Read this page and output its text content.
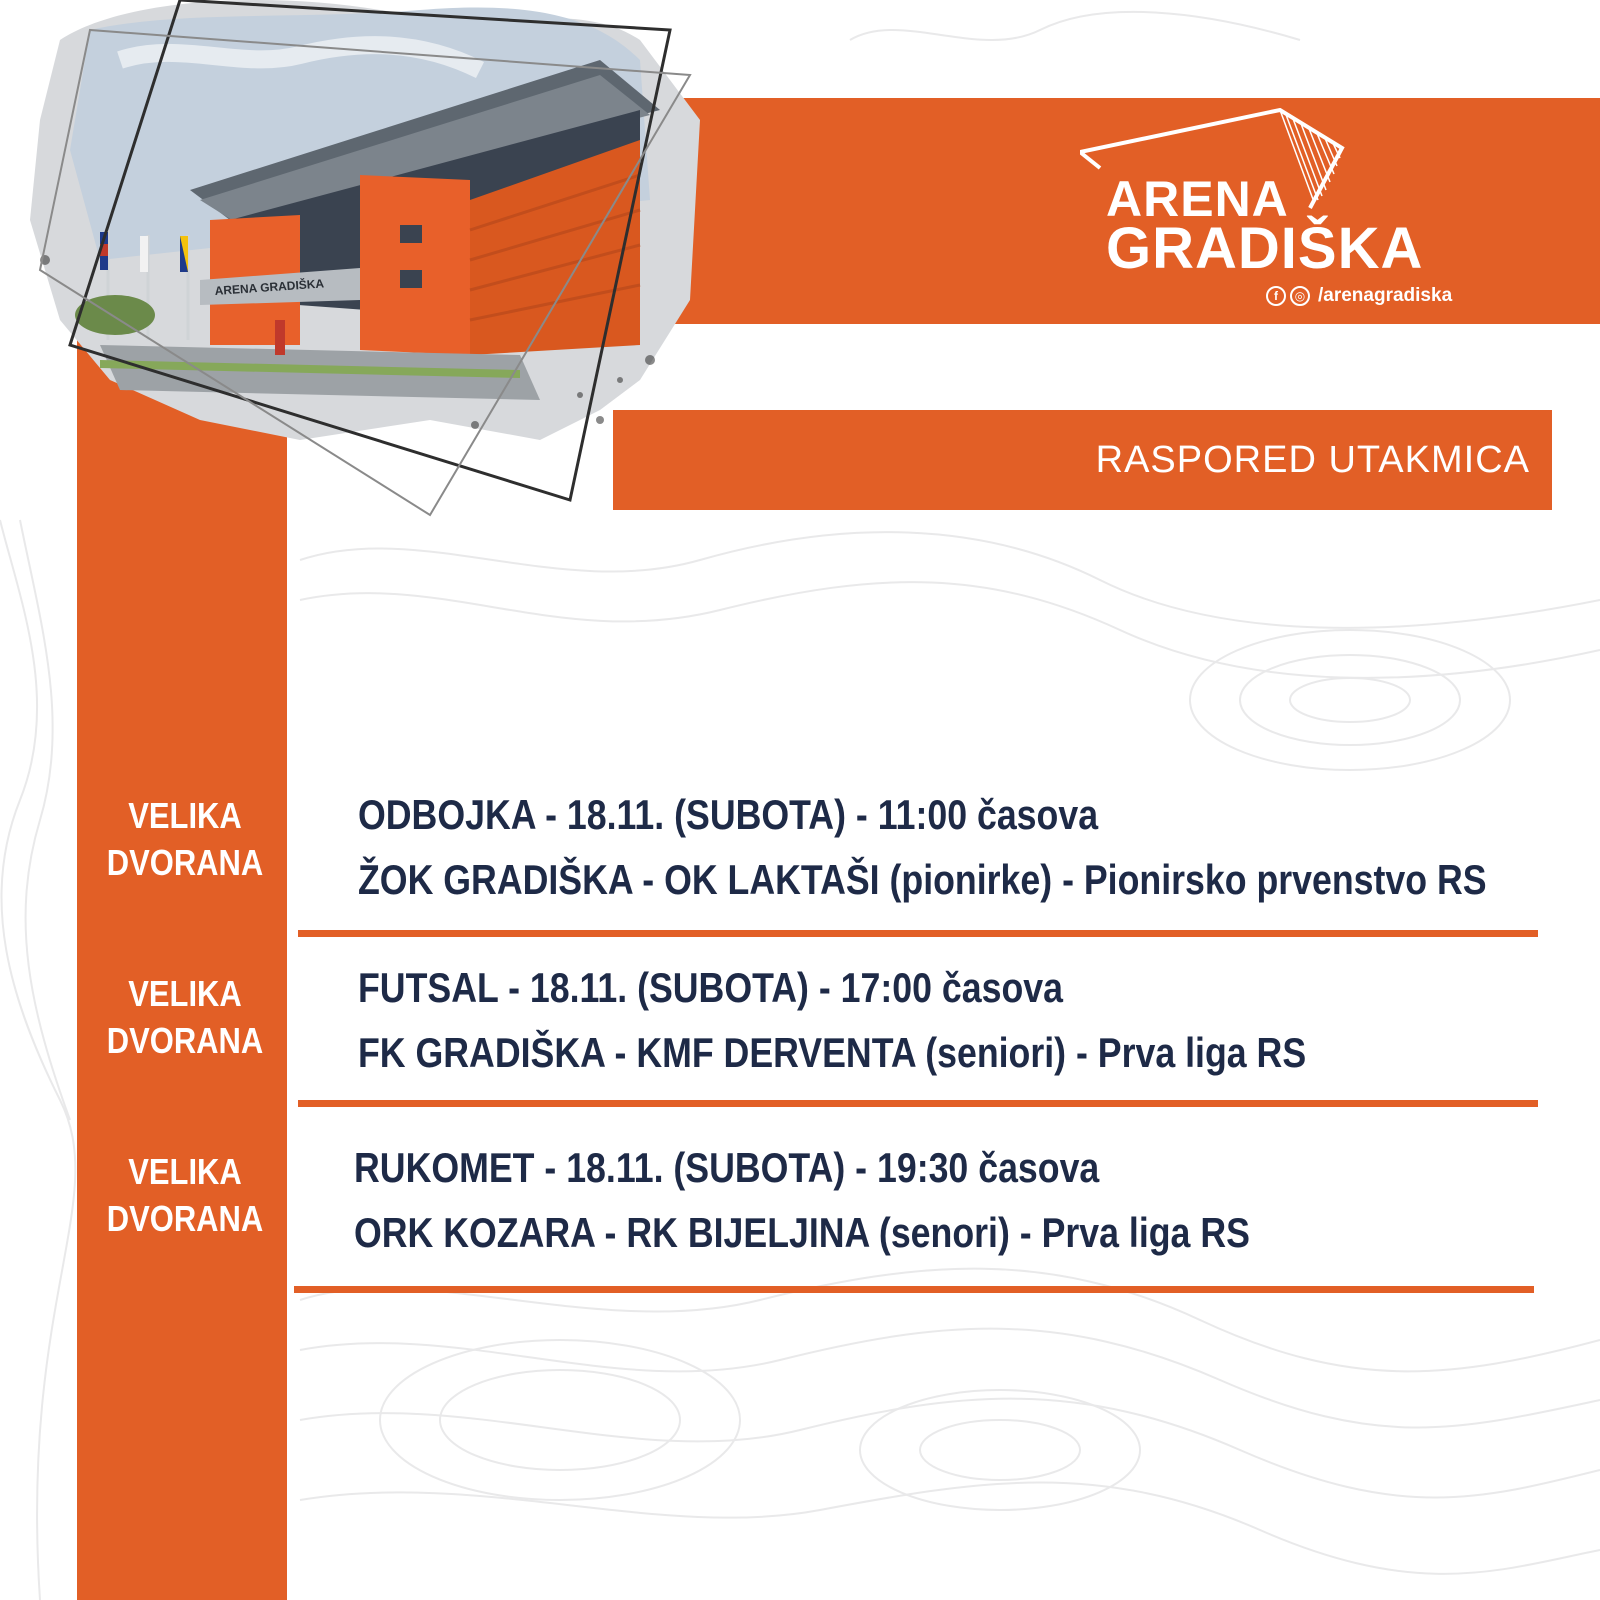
ARENA GRADIŠKA
ARENA
GRADIŠKA
f	◎ /arenagradiska
RASPORED UTAKMICA
VELIKA
DVORANA
ODBOJKA - 18.11. (SUBOTA) - 11:00 časova
ŽOK GRADIŠKA - OK LAKTAŠI (pionirke) - Pionirsko prvenstvo RS
VELIKA
DVORANA
FUTSAL - 18.11. (SUBOTA) - 17:00 časova
FK GRADIŠKA - KMF DERVENTA (seniori) - Prva liga RS
VELIKA
DVORANA
RUKOMET - 18.11. (SUBOTA) - 19:30 časova
ORK KOZARA - RK BIJELJINA (senori) - Prva liga RS
